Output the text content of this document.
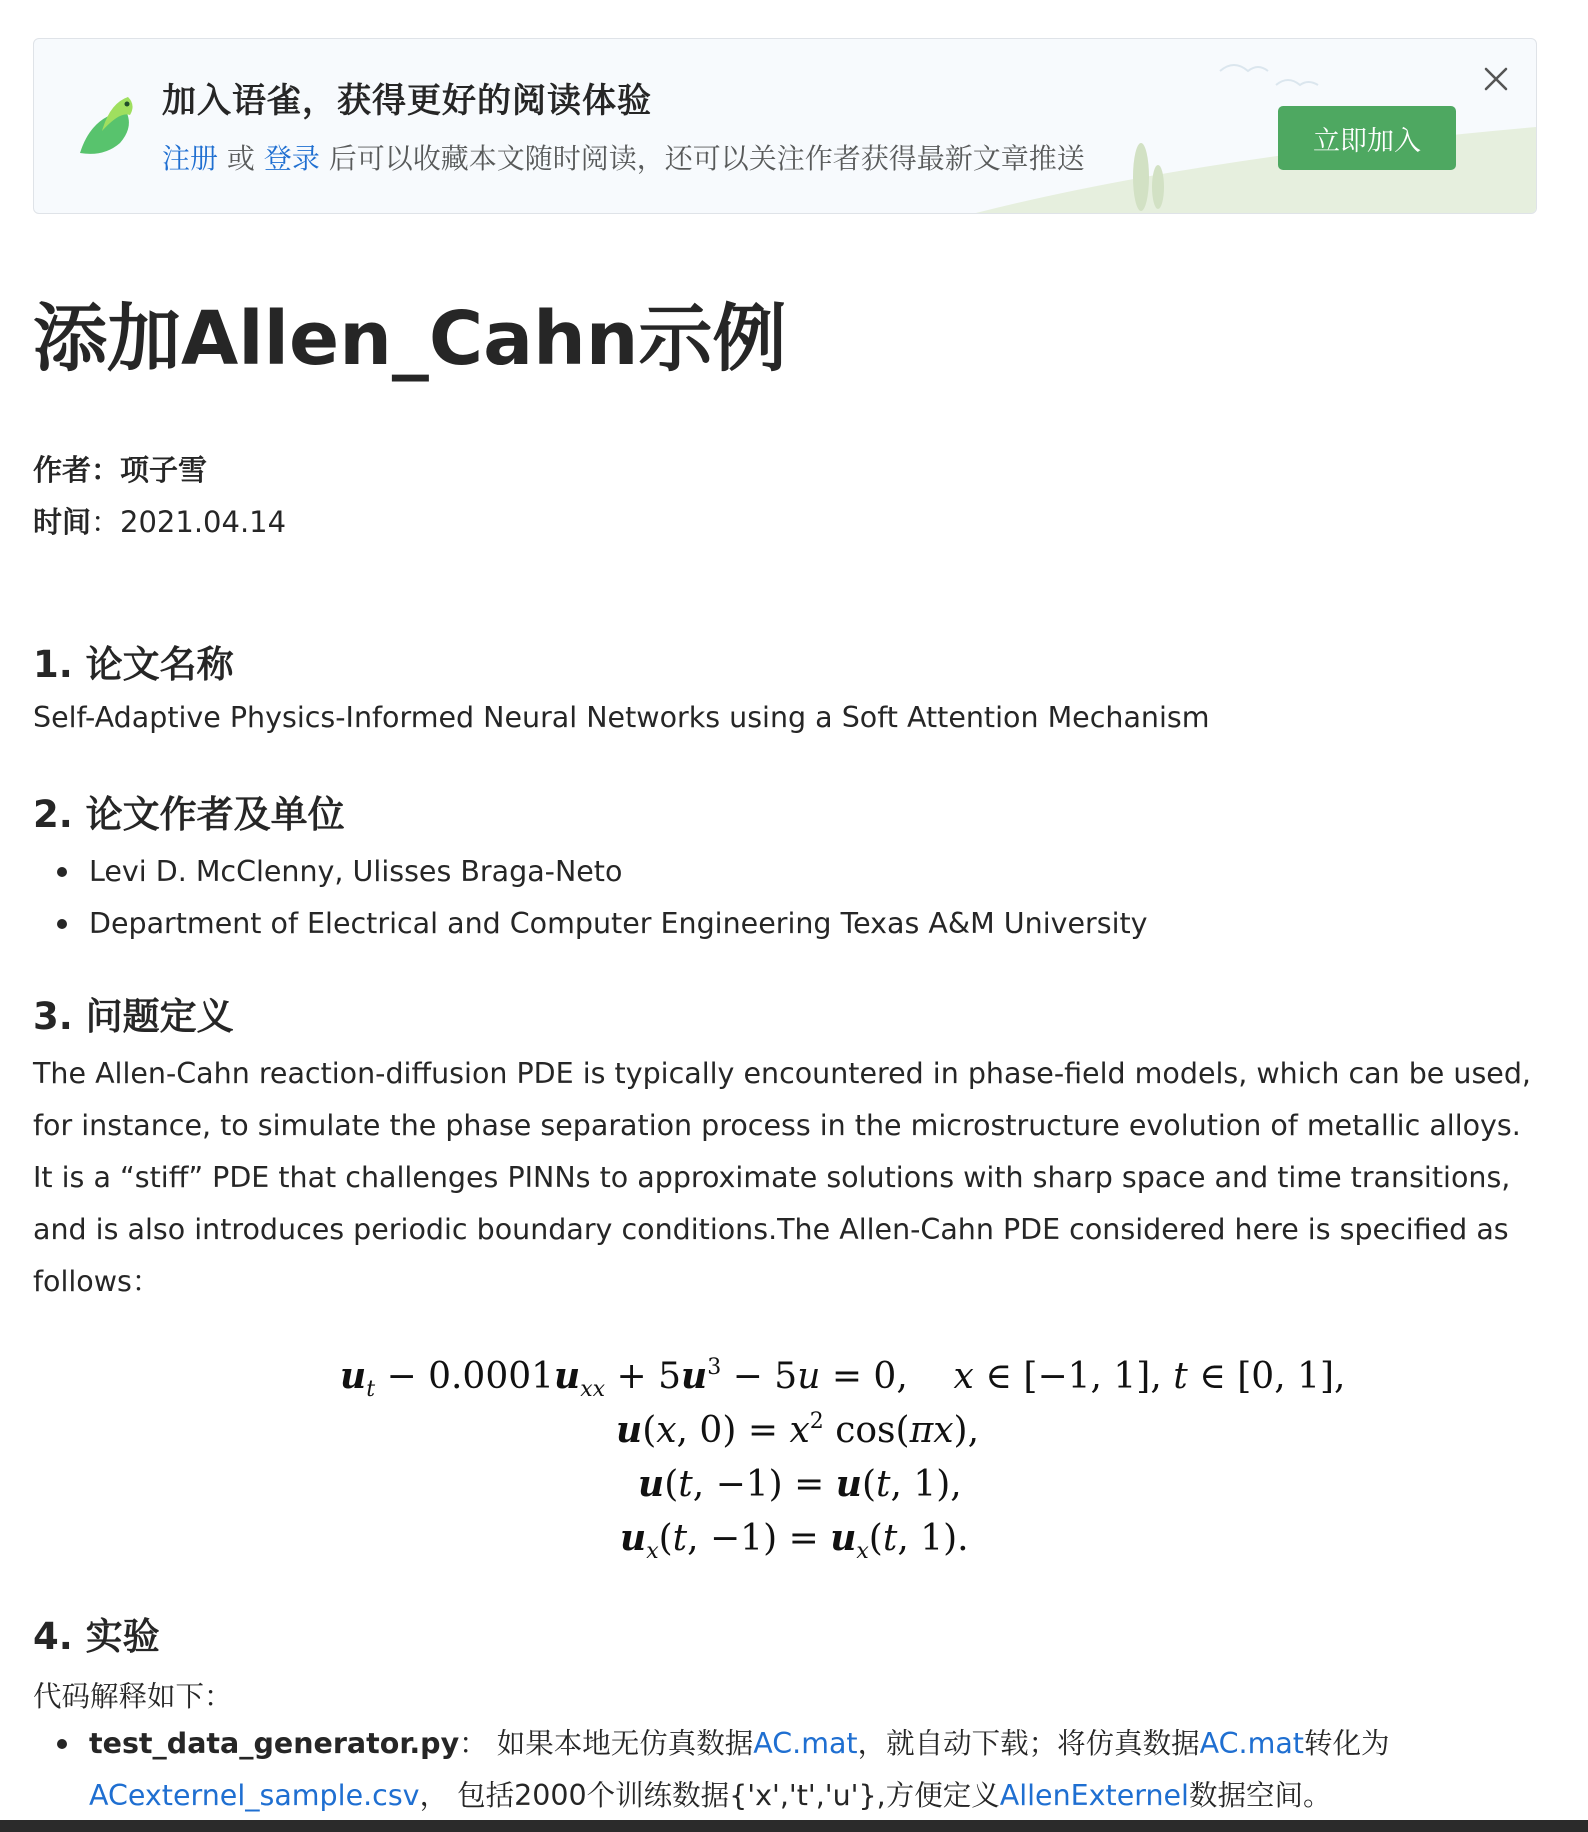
加入语雀，获得更好的阅读体验
注册 或 登录 后可以收藏本文随时阅读，还可以关注作者获得最新文章推送
立即加入
添加Allen_Cahn示例
作者：项子雪
时间：2021.04.14
1. 论文名称
Self-Adaptive Physics-Informed Neural Networks using a Soft Attention Mechanism
2. 论文作者及单位
Levi D. McClenny, Ulisses Braga-Neto
Department of Electrical and Computer Engineering Texas A&M University
3. 问题定义

The Allen-Cahn reaction-diffusion PDE is typically encountered in phase-field models, which can be used, for instance, to simulate the phase separation process in the microstructure evolution of metallic alloys. It is a “stiff” PDE that challenges PINNs to approximate solutions with sharp space and time transitions, and is also introduces periodic boundary conditions.The Allen-Cahn PDE considered here is specified as follows：

$u_t - 0.0001u_{xx} + 5u^3 - 5u = 0$,    x ∈ [−1, 1], t ∈ [0, 1],
u(x, $0) = x^2$ cos(πx),
u(t, −1) = u(t, 1),
$u_x(t$, $-1) = u_x(t$, 1).
4. 实验
代码解释如下：
test_data_generator.py： 如果本地无仿真数据AC.mat，就自动下载；将仿真数据AC.mat转化为
ACexternel_sample.csv， 包括2000个训练数据{'x','t','u'},方便定义AllenExternel数据空间。
